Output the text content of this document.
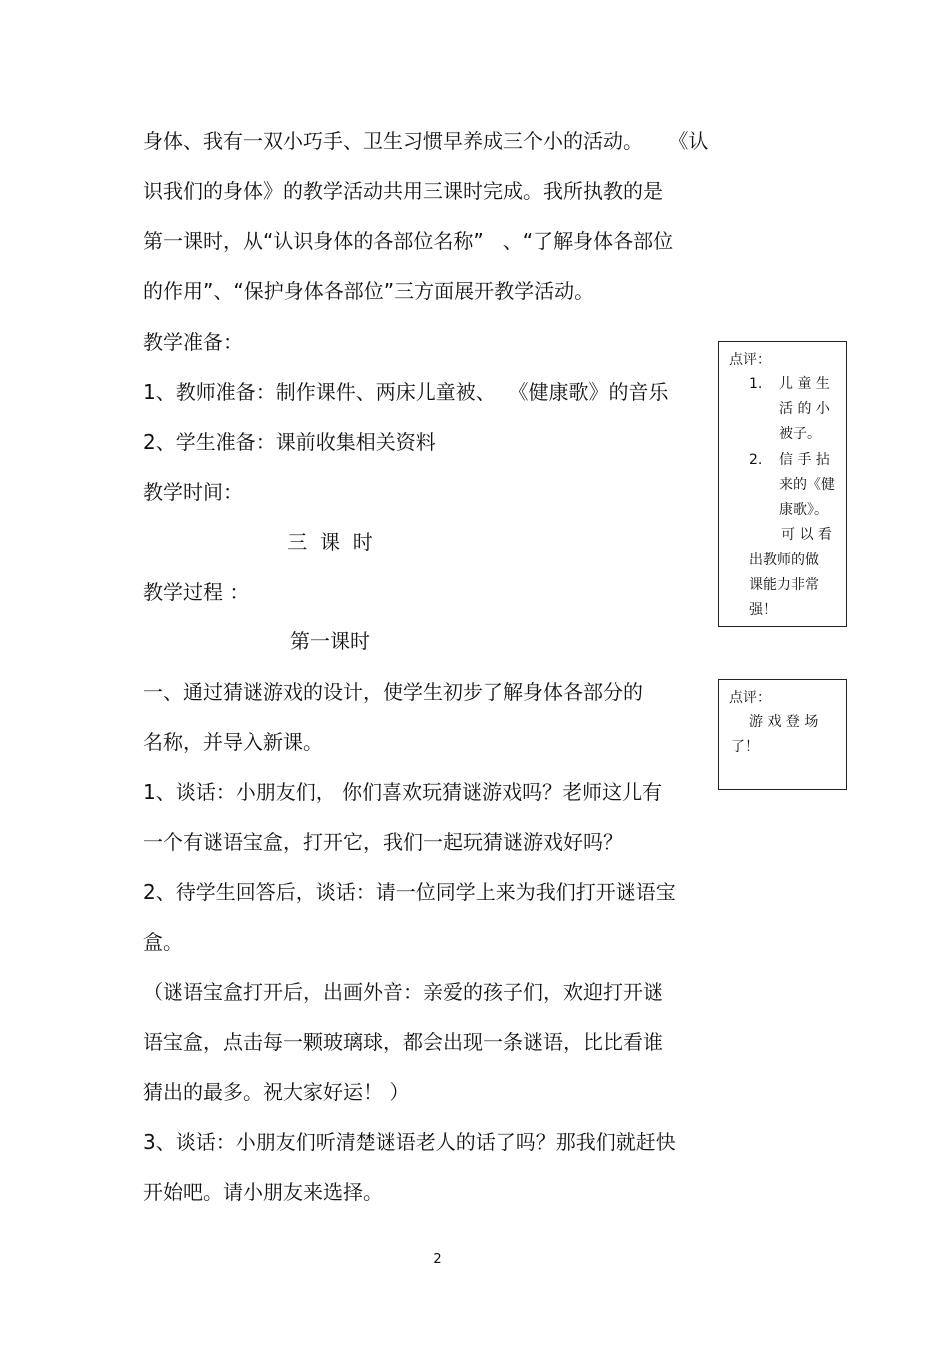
身体、我有一双小巧手、卫生习惯早养成三个小的活动。    《认
识我们的身体》的教学活动共用三课时完成。我所执教的是
第一课时，从“认识身体的各部位名称”   、“了解身体各部位
的作用”、“保护身体各部位”三方面展开教学活动。
教学准备：
1、教师准备：制作课件、两床儿童被、  《健康歌》的音乐
2、学生准备：课前收集相关资料
教学时间：
三  课  时
教学过程 ：
第一课时
一、通过猜谜游戏的设计，使学生初步了解身体各部分的
名称，并导入新课。
1、谈话：小朋友们， 你们喜欢玩猜谜游戏吗？老师这儿有
一个有谜语宝盒，打开它，我们一起玩猜谜游戏好吗？
2、待学生回答后，谈话：请一位同学上来为我们打开谜语宝
盒。
（谜语宝盒打开后，出画外音：亲爱的孩子们，欢迎打开谜
语宝盒，点击每一颗玻璃球，都会出现一条谜语，比比看谁
猜出的最多。祝大家好运！ ）
3、谈话：小朋友们听清楚谜语老人的话了吗？那我们就赶快
开始吧。请小朋友来选择。
点评：
1. 儿 童 生
活 的 小
被子。
2. 信 手 拈
来的《健
康歌》。
可 以 看
出教师的做
课能力非常
强！
点评：
游 戏 登 场
了！
2
